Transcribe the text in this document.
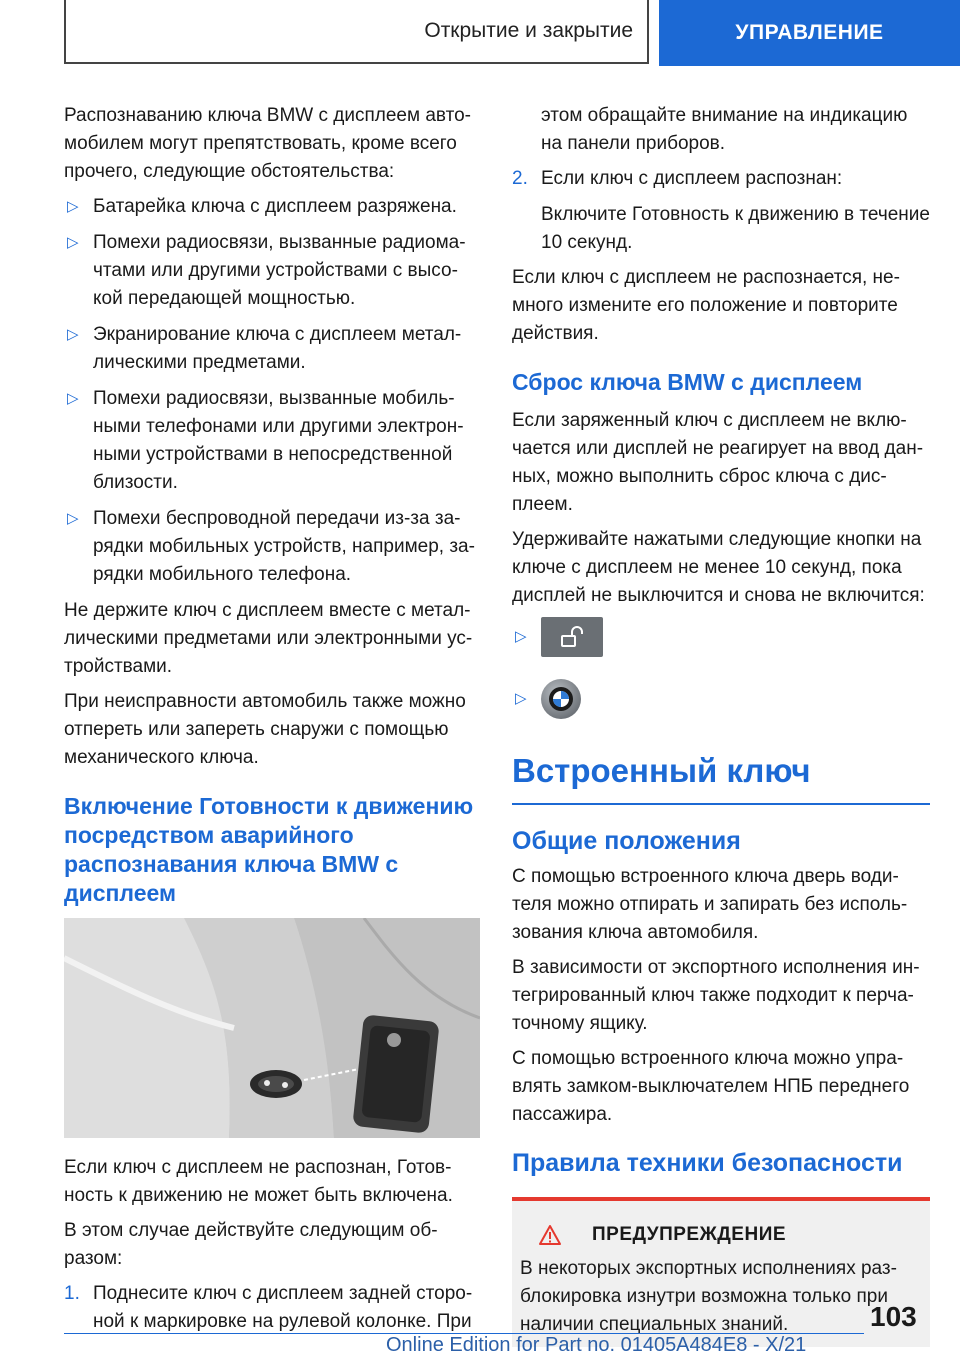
Открытие и закрытие	УПРАВЛЕНИЕ

Распознаванию ключа BMW с дисплеем автомобилем могут препятствовать, кроме всего прочего, следующие обстоятельства:

▷ Батарейка ключа с дисплеем разряжена.
▷ Помехи радиосвязи, вызванные радиомачтами или другими устройствами с высокой передающей мощностью.
▷ Экранирование ключа с дисплеем металлическими предметами.
▷ Помехи радиосвязи, вызванные мобильными телефонами или другими электронными устройствами в непосредственной близости.
▷ Помехи беспроводной передачи из-за зарядки мобильных устройств, например, зарядки мобильного телефона.

Не держите ключ с дисплеем вместе с металлическими предметами или электронными устройствами.

При неисправности автомобиль также можно отпереть или запереть снаружи с помощью механического ключа.

Включение Готовности к движению посредством аварийного распознавания ключа BMW с дисплеем

Если ключ с дисплеем не распознан, Готовность к движению не может быть включена.

В этом случае действуйте следующим образом:

1. Поднесите ключ с дисплеем задней стороной к маркировке на рулевой колонке. При

этом обращайте внимание на индикацию на панели приборов.

2. Если ключ с дисплеем распознан:

Включите Готовность к движению в течение 10 секунд.

Если ключ с дисплеем не распознается, немного измените его положение и повторите действия.

Сброс ключа BMW с дисплеем

Если заряженный ключ с дисплеем не включается или дисплей не реагирует на ввод данных, можно выполнить сброс ключа с дисплеем.

Удерживайте нажатыми следующие кнопки на ключе с дисплеем не менее 10 секунд, пока дисплей не выключится и снова не включится:

▷
▷
Встроенный ключ
Общие положения

С помощью встроенного ключа дверь водителя можно отпирать и запирать без использования ключа автомобиля.

В зависимости от экспортного исполнения интегрированный ключ также подходит к перчаточному ящику.

С помощью встроенного ключа можно управлять замком-выключателем НПБ переднего пассажира.

Правила техники безопасности
ПРЕДУПРЕЖДЕНИЕ

В некоторых экспортных исполнениях разблокировка изнутри возможна только при наличии специальных знаний.	103
Online Edition for Part no. 01405A484E8 - X/21
